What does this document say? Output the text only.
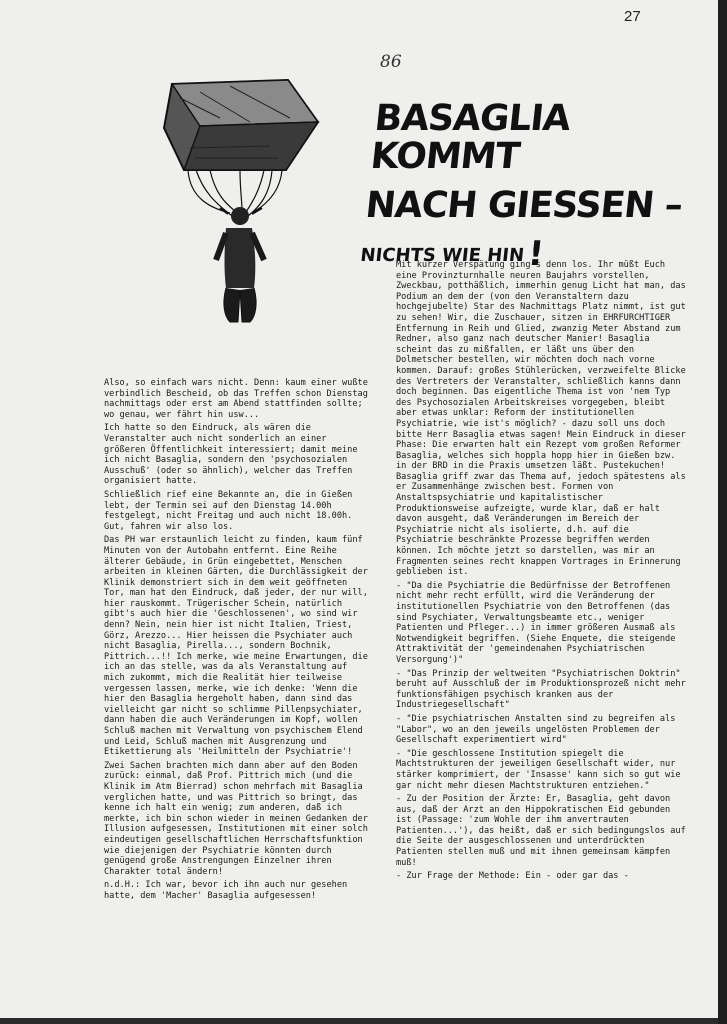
27
86
BASAGLIA KOMMT
NACH GIESSEN –
NICHTS WIE HIN!

Also, so einfach wars nicht. Denn: kaum einer wußte verbindlich Bescheid, ob das Treffen schon Dienstag nachmittags oder erst am Abend stattfinden sollte; wo genau, wer fährt hin usw...

Ich hatte so den Eindruck, als wären die Veranstalter auch nicht sonderlich an einer größeren Öffentlichkeit interessiert; damit meine ich nicht Basaglia, sondern den 'psychosozialen Ausschuß' (oder so ähnlich), welcher das Treffen organisiert hatte.

Schließlich rief eine Bekannte an, die in Gießen lebt, der Termin sei auf den Dienstag 14.00h festgelegt, nicht Freitag und auch nicht 18.00h. Gut, fahren wir also los.

Das PH war erstaunlich leicht zu finden, kaum fünf Minuten von der Autobahn entfernt. Eine Reihe älterer Gebäude, in Grün eingebettet, Menschen arbeiten in kleinen Gärten, die Durchlässigkeit der Klinik demonstriert sich in dem weit geöffneten Tor, man hat den Eindruck, daß jeder, der nur will, hier rauskommt. Trügerischer Schein, natürlich gibt's auch hier die 'Geschlossenen', wo sind wir denn? Nein, nein hier ist nicht Italien, Triest, Görz, Arezzo... Hier heissen die Psychiater auch nicht Basaglia, Pirella..., sondern Bochnik, Pittrich...!! Ich merke, wie meine Erwartungen, die ich an das stelle, was da als Veranstaltung auf mich zukommt, mich die Realität hier teilweise vergessen lassen, merke, wie ich denke: 'Wenn die hier den Basaglia hergeholt haben, dann sind das vielleicht gar nicht so schlimme Pillenpsychiater, dann haben die auch Veränderungen im Kopf, wollen Schluß machen mit Verwaltung von psychischem Elend und Leid, Schluß machen mit Ausgrenzung und Etikettierung als 'Heilmitteln der Psychiatrie'!

Zwei Sachen brachten mich dann aber auf den Boden zurück: einmal, daß Prof. Pittrich mich (und die Klinik im Atm Bierrad) schon mehrfach mit Basaglia verglichen hatte, und was Pittrich so bringt, das kenne ich halt ein wenig; zum anderen, daß ich merkte, ich bin schon wieder in meinen Gedanken der Illusion aufgesessen, Institutionen mit einer solch eindeutigen gesellschaftlichen Herrschaftsfunktion wie diejenigen der Psychiatrie könnten durch genügend große Anstrengungen Einzelner ihren Charakter total ändern!

n.d.H.: Ich war, bevor ich ihn auch nur gesehen hatte, dem 'Macher' Basaglia aufgesessen!

Mit kurzer Verspätung ging's denn los. Ihr müßt Euch eine Provinzturnhalle neuren Baujahrs vorstellen, Zweckbau, potthäßlich, immerhin genug Licht hat man, das Podium an dem der (von den Veranstaltern dazu hochgejubelte) Star des Nachmittags Platz nimmt, ist gut zu sehen! Wir, die Zuschauer, sitzen in EHRFURCHTIGER Entfernung in Reih und Glied, zwanzig Meter Abstand zum Redner, also ganz nach deutscher Manier! Basaglia scheint das zu mißfallen, er läßt uns über den Dolmetscher bestellen, wir möchten doch nach vorne kommen. Darauf: großes Stühlerücken, verzweifelte Blicke des Vertreters der Veranstalter, schließlich kanns dann doch beginnen. Das eigentliche Thema ist von 'nem Typ des Psychosozialen Arbeitskreises vorgegeben, bleibt aber etwas unklar: Reform der institutionellen Psychiatrie, wie ist's möglich? - dazu soll uns doch bitte Herr Basaglia etwas sagen! Mein Eindruck in dieser Phase: Die erwarten halt ein Rezept vom großen Reformer Basaglia, welches sich hoppla hopp hier in Gießen bzw. in der BRD in die Praxis umsetzen läßt. Pustekuchen! Basaglia griff zwar das Thema auf, jedoch spätestens als er Zusammenhänge zwischen best. Formen von Anstaltspsychiatrie und kapitalistischer Produktionsweise aufzeigte, wurde klar, daß er halt davon ausgeht, daß Veränderungen im Bereich der Psychiatrie nicht als isolierte, d.h. auf die Psychiatrie beschränkte Prozesse begriffen werden können. Ich möchte jetzt so darstellen, was mir an Fragmenten seines recht knappen Vortrages in Erinnerung geblieben ist.

- "Da die Psychiatrie die Bedürfnisse der Betroffenen nicht mehr recht erfüllt, wird die Veränderung der institutionellen Psychiatrie von den Betroffenen (das sind Psychiater, Verwaltungsbeamte etc., weniger Patienten und Pfleger...) in immer größeren Ausmaß als Notwendigkeit begriffen. (Siehe Enquete, die steigende Attraktivität der 'gemeindenahen Psychiatrischen Versorgung')"

- "Das Prinzip der weltweiten "Psychiatrischen Doktrin" beruht auf Ausschluß der im Produktionsprozeß nicht mehr funktionsfähigen psychisch kranken aus der Industriegesellschaft"

- "Die psychiatrischen Anstalten sind zu begreifen als "Labor", wo an den jeweils ungelösten Problemen der Gesellschaft experimentiert wird"

- "Die geschlossene Institution spiegelt die Machtstrukturen der jeweiligen Gesellschaft wider, nur stärker komprimiert, der 'Insasse' kann sich so gut wie gar nicht mehr diesen Machtstrukturen entziehen."

- Zu der Position der Ärzte: Er, Basaglia, geht davon aus, daß der Arzt an den Hippokratischen Eid gebunden ist (Passage: 'zum Wohle der ihm anvertrauten Patienten...'), das heißt, daß er sich bedingungslos auf die Seite der ausgeschlossenen und unterdrückten Patienten stellen muß und mit ihnen gemeinsam kämpfen muß!

- Zur Frage der Methode: Ein - oder gar das -
